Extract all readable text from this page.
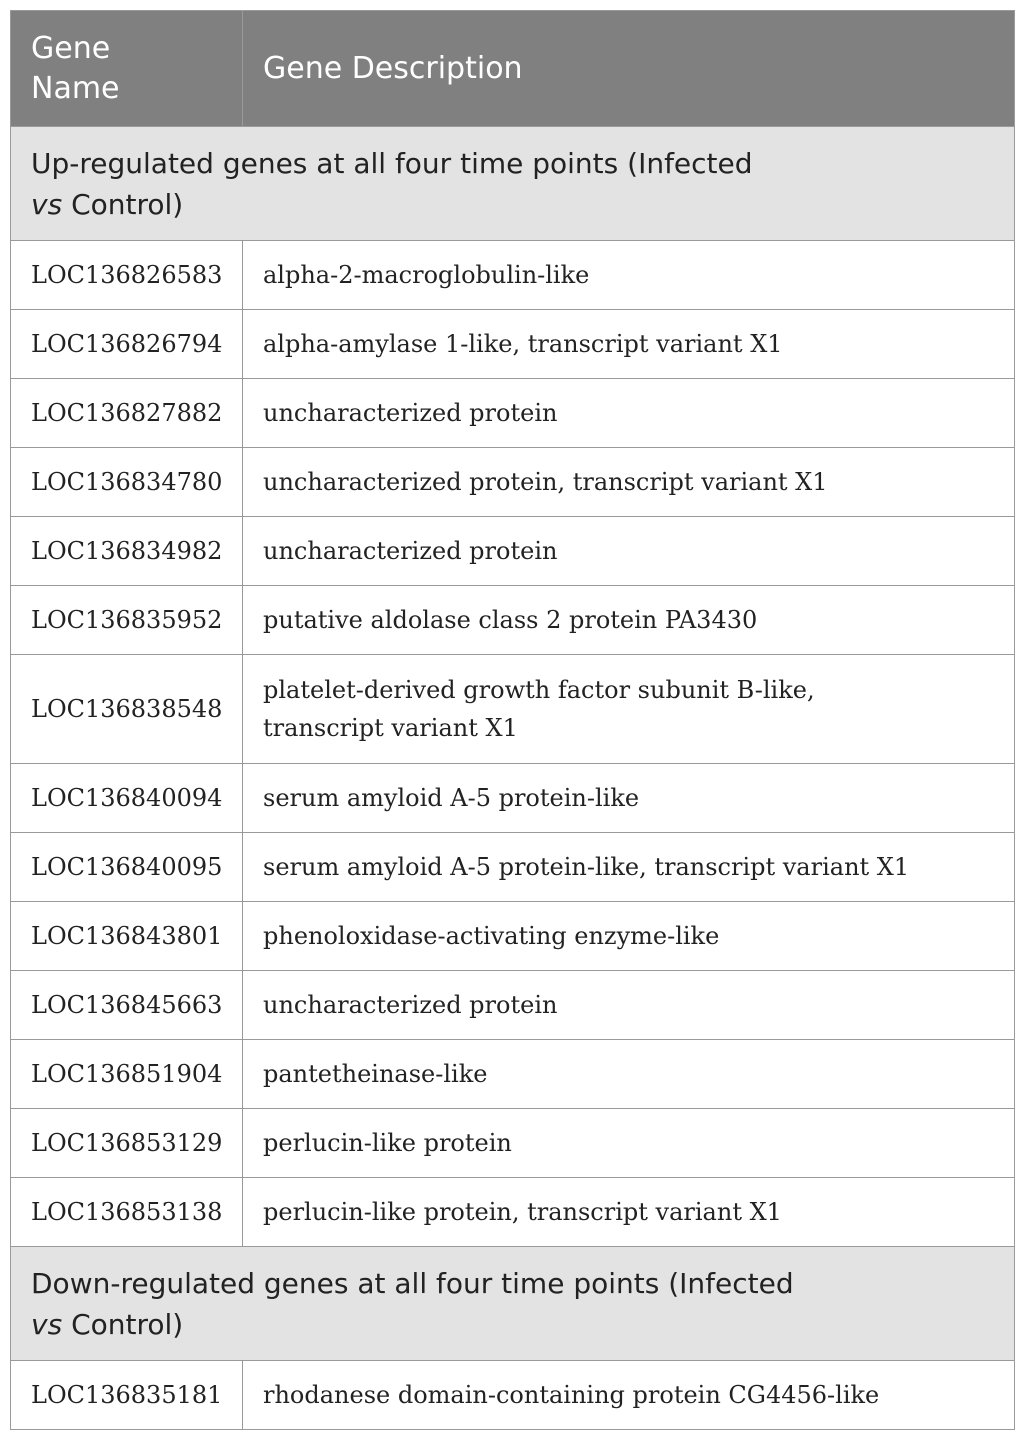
Gene Name	Gene Description
Up-regulated genes at all four time points (Infected
vs Control)	
LOC136826583	alpha-2-macroglobulin-like
LOC136826794	alpha-amylase 1-like, transcript variant X1
LOC136827882	uncharacterized protein
LOC136834780	uncharacterized protein, transcript variant X1
LOC136834982	uncharacterized protein
LOC136835952	putative aldolase class 2 protein PA3430
LOC136838548	platelet-derived growth factor subunit B-like, transcript variant X1
LOC136840094	serum amyloid A-5 protein-like
LOC136840095	serum amyloid A-5 protein-like, transcript variant X1
LOC136843801	phenoloxidase-activating enzyme-like
LOC136845663	uncharacterized protein
LOC136851904	pantetheinase-like
LOC136853129	perlucin-like protein
LOC136853138	perlucin-like protein, transcript variant X1
Down-regulated genes at all four time points (Infected
vs Control)	
LOC136835181	rhodanese domain-containing protein CG4456-like
